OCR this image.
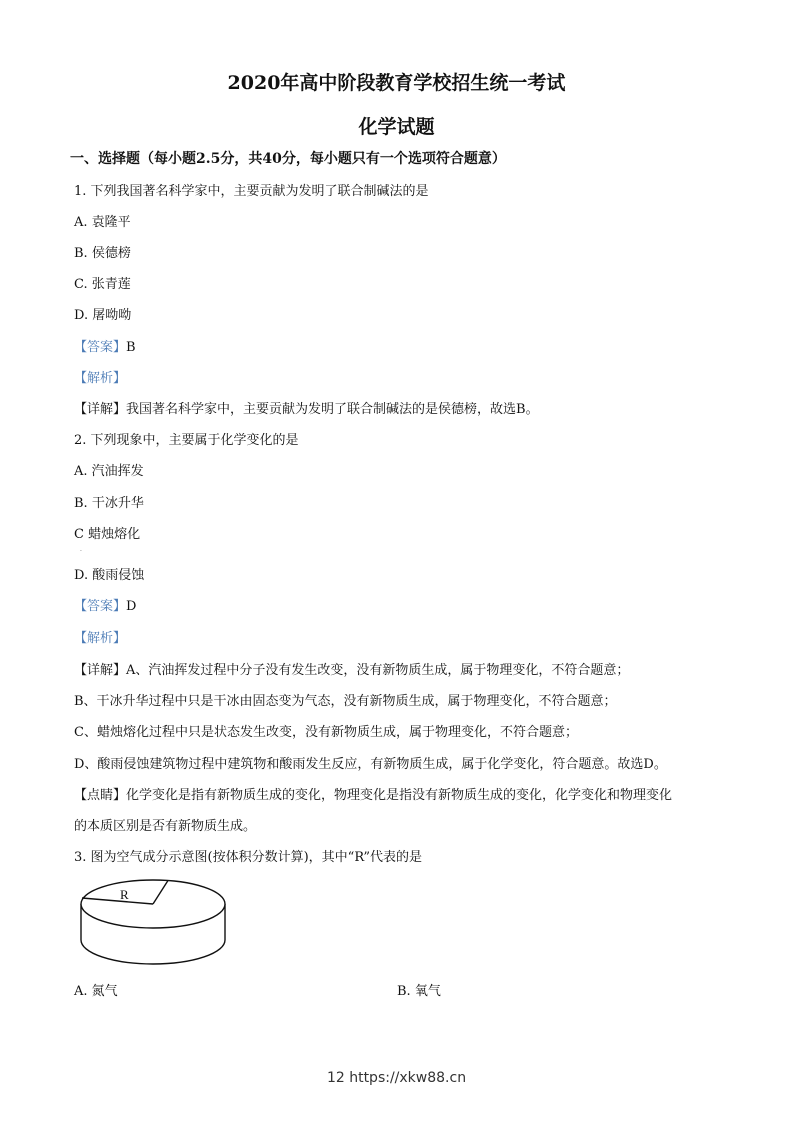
2020年高中阶段教育学校招生统一考试
化学试题
一、选择题（每小题2.5分，共40分，每小题只有一个选项符合题意）
1. 下列我国著名科学家中，主要贡献为发明了联合制碱法的是
A. 袁隆平
B. 侯德榜
C. 张青莲
D. 屠呦呦
【答案】B
【解析】
【详解】我国著名科学家中，主要贡献为发明了联合制碱法的是侯德榜，故选B。
2. 下列现象中，主要属于化学变化的是
A. 汽油挥发
B. 干冰升华
C 蜡烛熔化
.
D. 酸雨侵蚀
【答案】D
【解析】
【详解】A、汽油挥发过程中分子没有发生改变，没有新物质生成，属于物理变化，不符合题意；
B、干冰升华过程中只是干冰由固态变为气态，没有新物质生成，属于物理变化，不符合题意；
C、蜡烛熔化过程中只是状态发生改变，没有新物质生成，属于物理变化，不符合题意；
D、酸雨侵蚀建筑物过程中建筑物和酸雨发生反应，有新物质生成，属于化学变化，符合题意。故选D。
【点睛】化学变化是指有新物质生成的变化，物理变化是指没有新物质生成的变化，化学变化和物理变化
的本质区别是否有新物质生成。
3. 图为空气成分示意图(按体积分数计算)，其中“R”代表的是
R
A. 氮气	B. 氧气
12 https://xkw88.cn
